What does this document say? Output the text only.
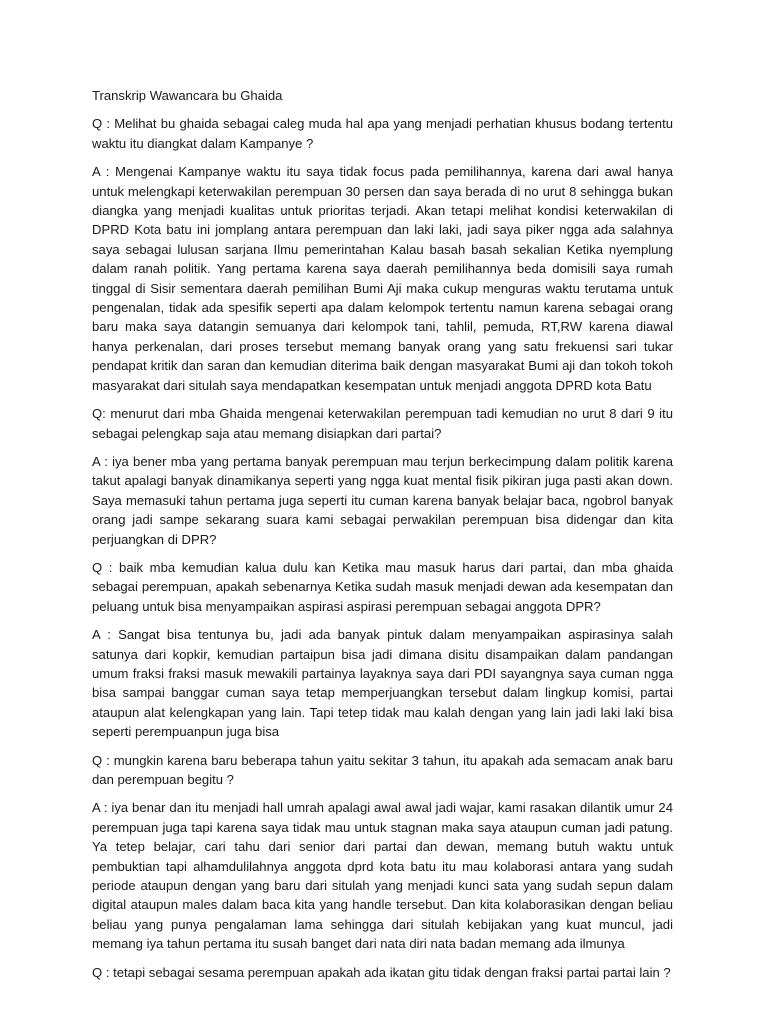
Transkrip Wawancara bu Ghaida
Q : Melihat bu ghaida sebagai caleg muda hal apa yang menjadi perhatian khusus bodang tertentu waktu itu diangkat dalam Kampanye ?
A : Mengenai Kampanye waktu itu saya tidak focus pada pemilihannya, karena dari awal hanya untuk melengkapi keterwakilan perempuan 30 persen dan saya berada di no urut 8 sehingga bukan diangka yang menjadi kualitas untuk prioritas terjadi. Akan tetapi melihat kondisi keterwakilan di DPRD Kota batu ini jomplang antara perempuan dan laki laki, jadi saya piker ngga ada salahnya saya sebagai lulusan sarjana Ilmu pemerintahan Kalau basah basah sekalian Ketika nyemplung dalam ranah politik. Yang pertama karena saya daerah pemilihannya beda domisili saya rumah tinggal di Sisir sementara daerah pemilihan Bumi Aji maka cukup menguras waktu terutama untuk pengenalan, tidak ada spesifik seperti apa dalam kelompok tertentu namun karena sebagai orang baru maka saya datangin semuanya dari kelompok tani, tahlil, pemuda, RT,RW karena diawal hanya perkenalan, dari proses tersebut memang banyak orang yang satu frekuensi sari tukar pendapat kritik dan saran dan kemudian diterima baik dengan masyarakat Bumi aji dan tokoh tokoh masyarakat dari situlah saya mendapatkan kesempatan untuk menjadi anggota DPRD kota Batu
Q: menurut dari mba Ghaida mengenai keterwakilan perempuan tadi kemudian no urut 8 dari 9 itu sebagai pelengkap saja atau memang disiapkan dari partai?
A : iya bener mba yang pertama banyak perempuan mau terjun berkecimpung dalam politik karena takut apalagi banyak dinamikanya seperti yang ngga kuat mental fisik pikiran juga pasti akan down. Saya memasuki tahun pertama juga seperti itu cuman karena banyak belajar baca, ngobrol banyak orang jadi sampe sekarang suara kami sebagai perwakilan perempuan bisa didengar dan kita perjuangkan di DPR?
Q : baik mba kemudian kalua dulu kan Ketika mau masuk harus dari partai, dan mba ghaida sebagai perempuan, apakah sebenarnya Ketika sudah masuk menjadi dewan ada kesempatan dan peluang untuk bisa menyampaikan aspirasi aspirasi perempuan sebagai anggota DPR?
A : Sangat bisa tentunya bu, jadi ada banyak pintuk dalam menyampaikan aspirasinya salah satunya dari kopkir, kemudian partaipun bisa jadi dimana disitu disampaikan dalam pandangan umum fraksi fraksi masuk mewakili partainya layaknya saya dari PDI sayangnya saya cuman ngga bisa sampai banggar cuman saya tetap memperjuangkan tersebut dalam lingkup komisi, partai ataupun alat kelengkapan yang lain. Tapi tetep tidak mau kalah dengan yang lain jadi laki laki bisa seperti perempuanpun juga bisa
Q : mungkin karena baru beberapa tahun yaitu sekitar 3 tahun, itu apakah ada semacam anak baru dan perempuan begitu ?
A : iya benar dan itu menjadi hall umrah apalagi awal awal jadi wajar, kami rasakan dilantik umur 24 perempuan juga tapi karena saya tidak mau untuk stagnan maka saya ataupun cuman jadi patung. Ya tetep belajar, cari tahu dari senior dari partai dan dewan, memang butuh waktu untuk pembuktian tapi alhamdulilahnya anggota dprd kota batu itu mau kolaborasi antara yang sudah periode ataupun dengan yang baru dari situlah yang menjadi kunci sata yang sudah sepun dalam digital ataupun males dalam baca kita yang handle tersebut. Dan kita kolaborasikan dengan beliau beliau yang punya pengalaman lama sehingga dari situlah kebijakan yang kuat muncul, jadi memang iya tahun pertama itu susah banget dari nata diri nata badan memang ada ilmunya
Q : tetapi sebagai sesama perempuan apakah ada ikatan gitu tidak dengan fraksi partai partai lain ?
